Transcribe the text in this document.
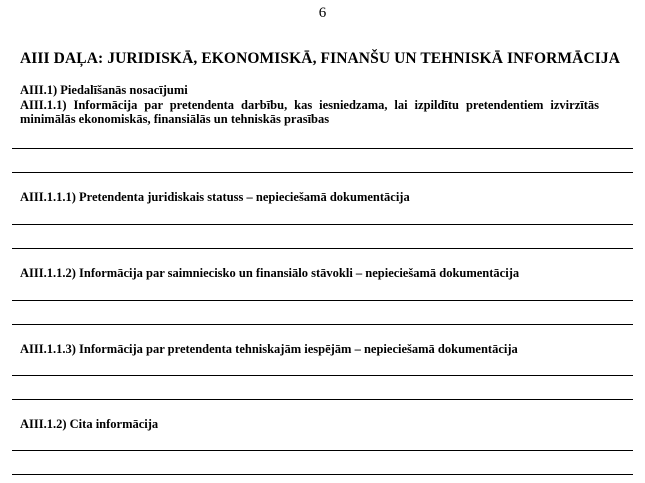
6
AIII DAĻA: JURIDISKĀ, EKONOMISKĀ, FINANŠU UN TEHNISKĀ INFORMĀCIJA
AIII.1) Piedalīšanās nosacījumi
AIII.1.1) Informācija par pretendenta darbību, kas iesniedzama, lai izpildītu pretendentiem izvirzītās minimālās ekonomiskās, finansiālās un tehniskās prasības
AIII.1.1.1) Pretendenta juridiskais statuss – nepieciešamā dokumentācija
AIII.1.1.2) Informācija par saimniecisko un finansiālo stāvokli – nepieciešamā dokumentācija
AIII.1.1.3) Informācija par pretendenta tehniskajām iespējām – nepieciešamā dokumentācija
AIII.1.2) Cita informācija
